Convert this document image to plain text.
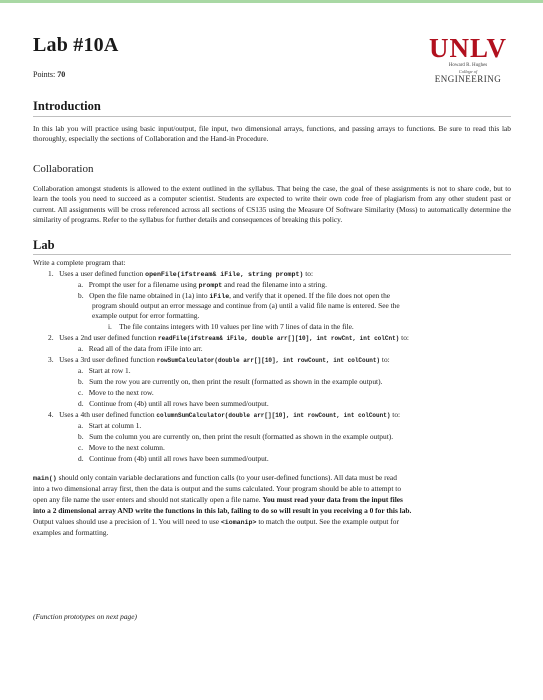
Lab #10A
Points: 70
UNLV
Howard R. Hughes
College of
ENGINEERING
Introduction
In this lab you will practice using basic input/output, file input, two dimensional arrays, functions, and passing arrays to functions. Be sure to read this lab thoroughly, especially the sections of Collaboration and the Hand-in Procedure.
Collaboration
Collaboration amongst students is allowed to the extent outlined in the syllabus. That being the case, the goal of these assignments is not to share code, but to learn the tools you need to succeed as a computer scientist. Students are expected to write their own code free of plagiarism from any other student past or current. All assignments will be cross referenced across all sections of CS135 using the Measure Of Software Similarity (Moss) to automatically determine the similarity of programs. Refer to the syllabus for further details and consequences of breaking this policy.
Lab
Write a complete program that:
1. Uses a user defined function openFile(ifstream& iFile, string prompt) to:
a. Prompt the user for a filename using prompt and read the filename into a string.
b. Open the file name obtained in (1a) into iFile, and verify that it opened. If the file does not open the
program should output an error message and continue from (a) until a valid file name is entered. See the
example output for error formatting.
i. The file contains integers with 10 values per line with 7 lines of data in the file.
2. Uses a 2nd user defined function readFile(ifstream& iFile, double arr[][10], int rowCnt, int colCnt) to:
a. Read all of the data from iFile into arr.
3. Uses a 3rd user defined function rowSumCalculator(double arr[][10], int rowCount, int colCount) to:
a. Start at row 1.
b. Sum the row you are currently on, then print the result (formatted as shown in the example output).
c. Move to the next row.
d. Continue from (4b) until all rows have been summed/output.
4. Uses a 4th user defined function columnSumCalculator(double arr[][10], int rowCount, int colCount) to:
a. Start at column 1.
b. Sum the column you are currently on, then print the result (formatted as shown in the example output).
c. Move to the next column.
d. Continue from (4b) until all rows have been summed/output.
main() should only contain variable declarations and function calls (to your user-defined functions). All data must be read
into a two dimensional array first, then the data is output and the sums calculated. Your program should be able to attempt to
open any file name the user enters and should not statically open a file name. You must read your data from the input files
into a 2 dimensional array AND write the functions in this lab, failing to do so will result in you receiving a 0 for this lab.
Output values should use a precision of 1. You will need to use <iomanip> to match the output. See the example output for
examples and formatting.
(Function prototypes on next page)
